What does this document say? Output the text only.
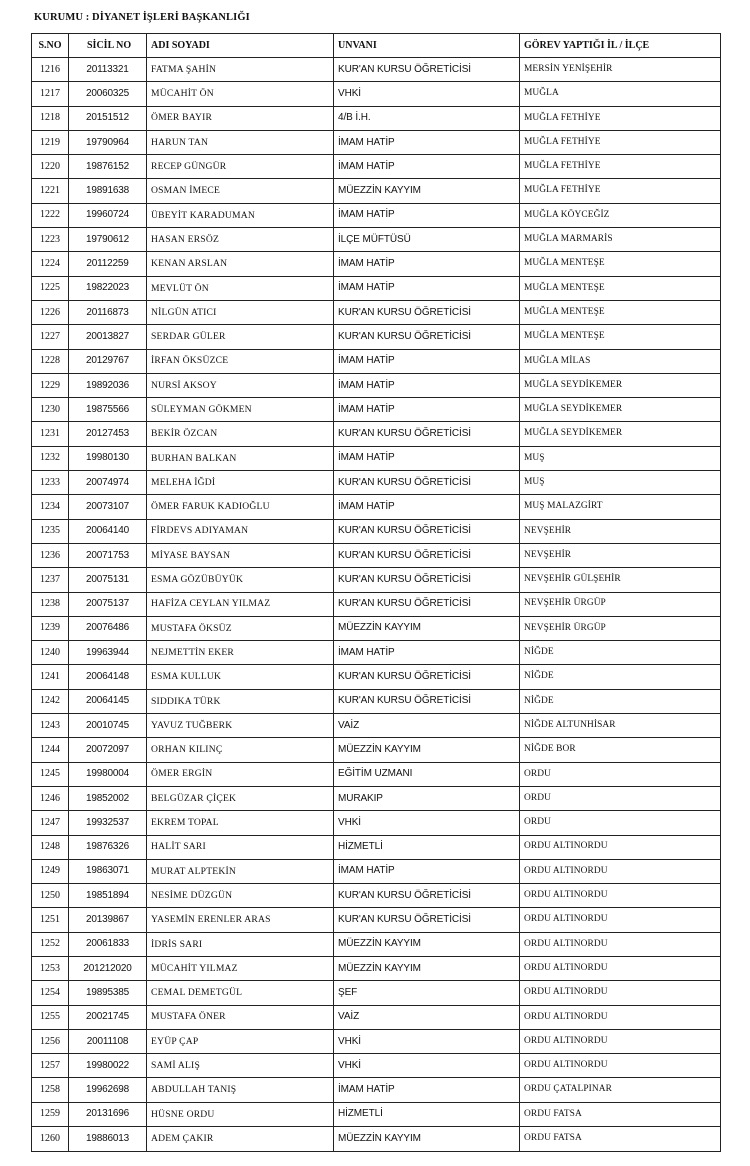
KURUMU : DİYANET İŞLERİ BAŞKANLIĞI
S.NO	SİCİL NO	ADI SOYADI	UNVANI	GÖREV YAPTIĞI İL / İLÇE
1216	20113321	FATMA ŞAHİN	KUR'AN KURSU ÖĞRETİCİSİ	MERSİN YENİŞEHİR
1217	20060325	MÜCAHİT ÖN	VHKİ	MUĞLA
1218	20151512	ÖMER BAYIR	4/B İ.H.	MUĞLA FETHİYE
1219	19790964	HARUN TAN	İMAM HATİP	MUĞLA FETHİYE
1220	19876152	RECEP GÜNGÜR	İMAM HATİP	MUĞLA FETHİYE
1221	19891638	OSMAN İMECE	MÜEZZİN KAYYIM	MUĞLA FETHİYE
1222	19960724	ÜBEYİT KARADUMAN	İMAM HATİP	MUĞLA KÖYCEĞİZ
1223	19790612	HASAN ERSÖZ	İLÇE MÜFTÜSÜ	MUĞLA MARMARİS
1224	20112259	KENAN ARSLAN	İMAM HATİP	MUĞLA MENTEŞE
1225	19822023	MEVLÜT ÖN	İMAM HATİP	MUĞLA MENTEŞE
1226	20116873	NİLGÜN ATICI	KUR'AN KURSU ÖĞRETİCİSİ	MUĞLA MENTEŞE
1227	20013827	SERDAR GÜLER	KUR'AN KURSU ÖĞRETİCİSİ	MUĞLA MENTEŞE
1228	20129767	İRFAN ÖKSÜZCE	İMAM HATİP	MUĞLA MİLAS
1229	19892036	NURSİ AKSOY	İMAM HATİP	MUĞLA SEYDİKEMER
1230	19875566	SÜLEYMAN GÖKMEN	İMAM HATİP	MUĞLA SEYDİKEMER
1231	20127453	BEKİR ÖZCAN	KUR'AN KURSU ÖĞRETİCİSİ	MUĞLA SEYDİKEMER
1232	19980130	BURHAN BALKAN	İMAM HATİP	MUŞ
1233	20074974	MELEHA İĞDİ	KUR'AN KURSU ÖĞRETİCİSİ	MUŞ
1234	20073107	ÖMER FARUK KADIOĞLU	İMAM HATİP	MUŞ MALAZGİRT
1235	20064140	FİRDEVS ADIYAMAN	KUR'AN KURSU ÖĞRETİCİSİ	NEVŞEHİR
1236	20071753	MİYASE BAYSAN	KUR'AN KURSU ÖĞRETİCİSİ	NEVŞEHİR
1237	20075131	ESMA GÖZÜBÜYÜK	KUR'AN KURSU ÖĞRETİCİSİ	NEVŞEHİR GÜLŞEHİR
1238	20075137	HAFİZA CEYLAN YILMAZ	KUR'AN KURSU ÖĞRETİCİSİ	NEVŞEHİR ÜRGÜP
1239	20076486	MUSTAFA ÖKSÜZ	MÜEZZİN KAYYIM	NEVŞEHİR ÜRGÜP
1240	19963944	NEJMETTİN EKER	İMAM HATİP	NİĞDE
1241	20064148	ESMA KULLUK	KUR'AN KURSU ÖĞRETİCİSİ	NİĞDE
1242	20064145	SIDDIKA TÜRK	KUR'AN KURSU ÖĞRETİCİSİ	NİĞDE
1243	20010745	YAVUZ TUĞBERK	VAİZ	NİĞDE ALTUNHİSAR
1244	20072097	ORHAN KILINÇ	MÜEZZİN KAYYIM	NİĞDE BOR
1245	19980004	ÖMER ERGİN	EĞİTİM UZMANI	ORDU
1246	19852002	BELGÜZAR ÇİÇEK	MURAKIP	ORDU
1247	19932537	EKREM TOPAL	VHKİ	ORDU
1248	19876326	HALİT SARI	HİZMETLİ	ORDU ALTINORDU
1249	19863071	MURAT ALPTEKİN	İMAM HATİP	ORDU ALTINORDU
1250	19851894	NESİME DÜZGÜN	KUR'AN KURSU ÖĞRETİCİSİ	ORDU ALTINORDU
1251	20139867	YASEMİN ERENLER ARAS	KUR'AN KURSU ÖĞRETİCİSİ	ORDU ALTINORDU
1252	20061833	İDRİS SARI	MÜEZZİN KAYYIM	ORDU ALTINORDU
1253	201212020	MÜCAHİT YILMAZ	MÜEZZİN KAYYIM	ORDU ALTINORDU
1254	19895385	CEMAL DEMETGÜL	ŞEF	ORDU ALTINORDU
1255	20021745	MUSTAFA ÖNER	VAİZ	ORDU ALTINORDU
1256	20011108	EYÜP ÇAP	VHKİ	ORDU ALTINORDU
1257	19980022	SAMİ ALIŞ	VHKİ	ORDU ALTINORDU
1258	19962698	ABDULLAH TANIŞ	İMAM HATİP	ORDU ÇATALPINAR
1259	20131696	HÜSNE ORDU	HİZMETLİ	ORDU FATSA
1260	19886013	ADEM ÇAKIR	MÜEZZİN KAYYIM	ORDU FATSA
